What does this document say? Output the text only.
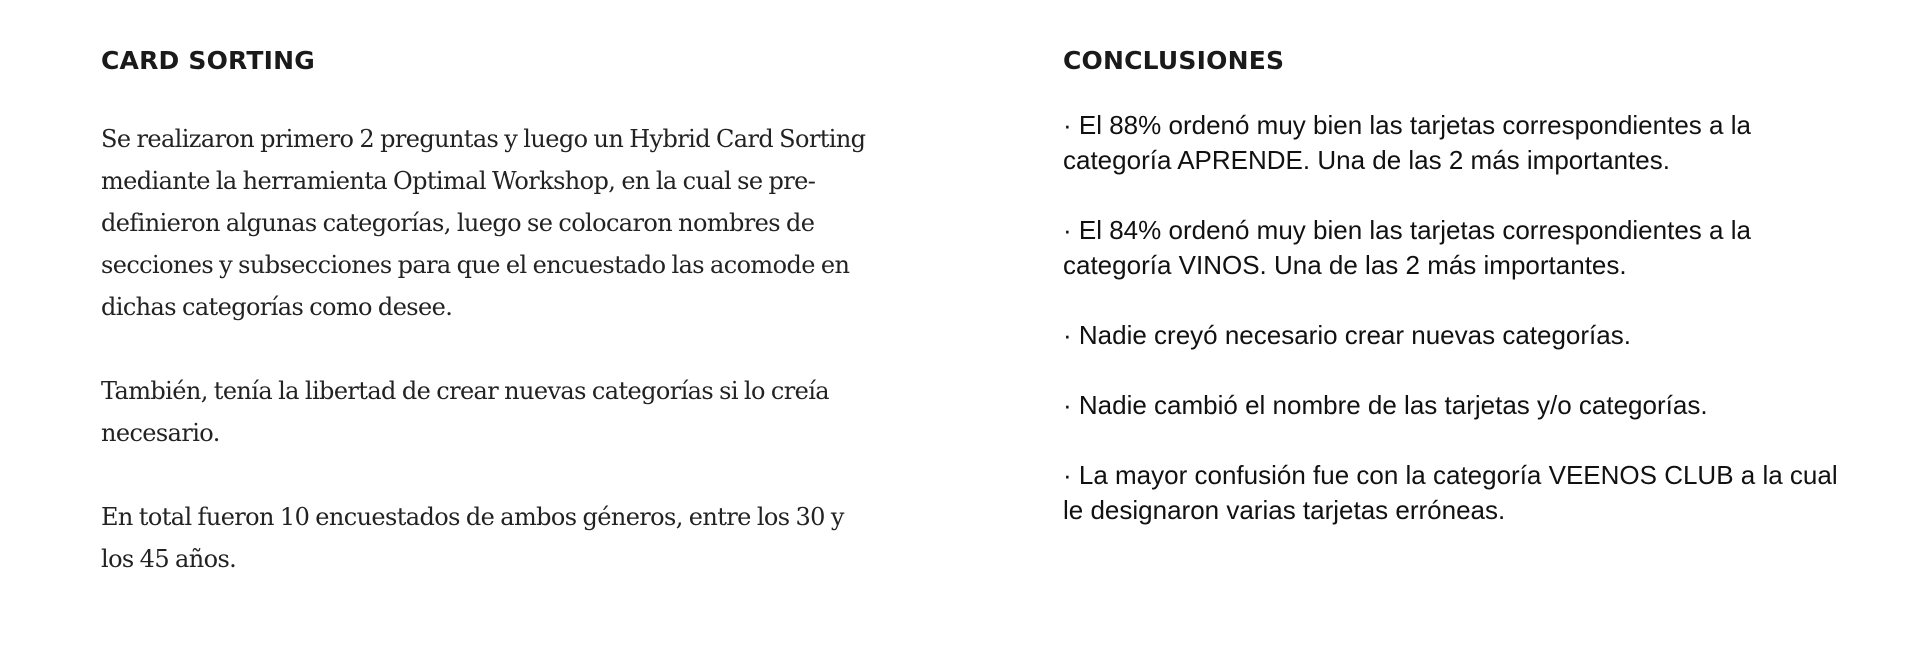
CARD SORTING

Se realizaron primero 2 preguntas y luego un Hybrid Card Sorting mediante la herramienta Optimal Workshop, en la cual se pre-definieron algunas categorías, luego se colocaron nombres de secciones y subsecciones para que el encuestado las acomode en dichas categorías como desee.

También, tenía la libertad de crear nuevas categorías si lo creía necesario.

En total fueron 10 encuestados de ambos géneros, entre los 30 y los 45 años.

CONCLUSIONES

· El 88% ordenó muy bien las tarjetas correspondientes a la categoría APRENDE. Una de las 2 más importantes.

· El 84% ordenó muy bien las tarjetas correspondientes a la categoría VINOS. Una de las 2 más importantes.

· Nadie creyó necesario crear nuevas categorías.

· Nadie cambió el nombre de las tarjetas y/o categorías.

· La mayor confusión fue con la categoría VEENOS CLUB a la cual le designaron varias tarjetas erróneas.
